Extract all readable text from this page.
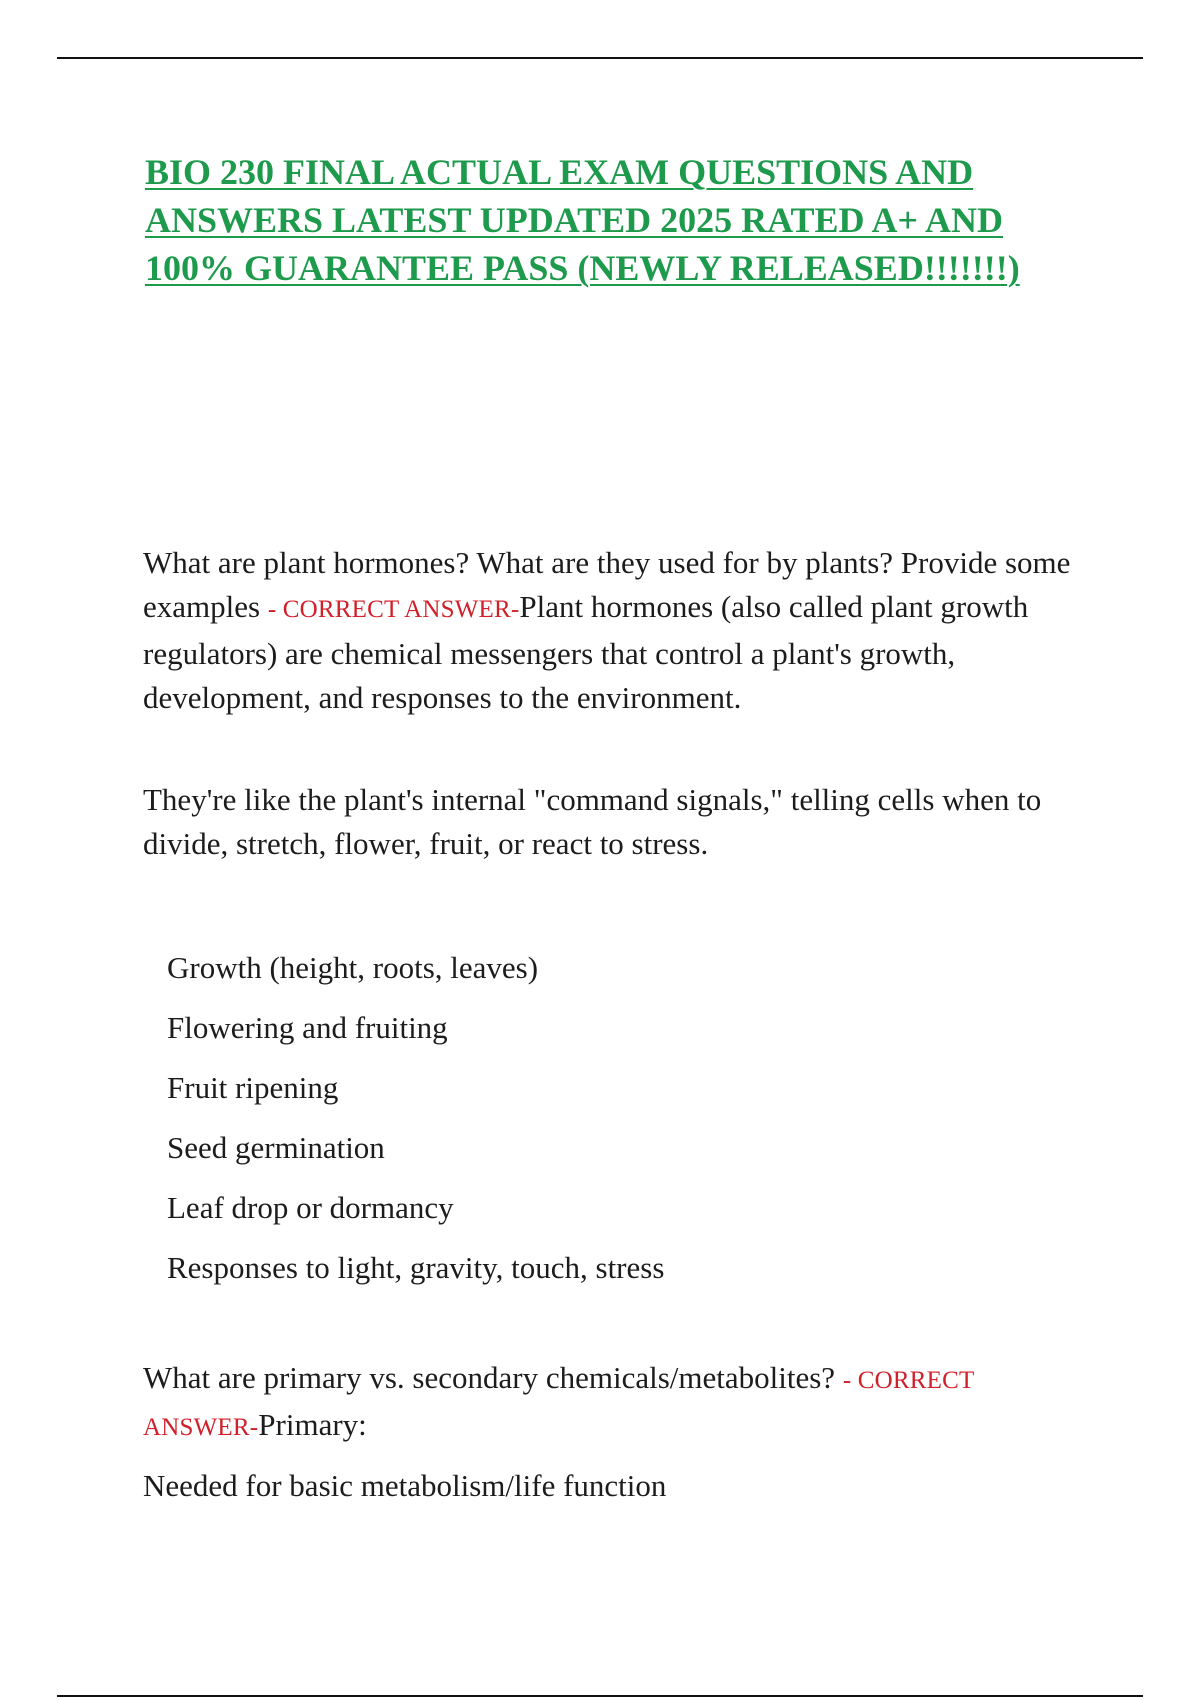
BIO 230 FINAL ACTUAL EXAM QUESTIONS AND ANSWERS LATEST UPDATED 2025 RATED A+ AND 100% GUARANTEE PASS (NEWLY RELEASED!!!!!!!)

What are plant hormones? What are they used for by plants? Provide some examples - CORRECT ANSWER-Plant hormones (also called plant growth regulators) are chemical messengers that control a plant's growth, development, and responses to the environment.

They're like the plant's internal "command signals," telling cells when to divide, stretch, flower, fruit, or react to stress.

Growth (height, roots, leaves)
Flowering and fruiting
Fruit ripening
Seed germination
Leaf drop or dormancy
Responses to light, gravity, touch, stress

What are primary vs. secondary chemicals/metabolites? - CORRECT ANSWER-Primary:

Needed for basic metabolism/life function
